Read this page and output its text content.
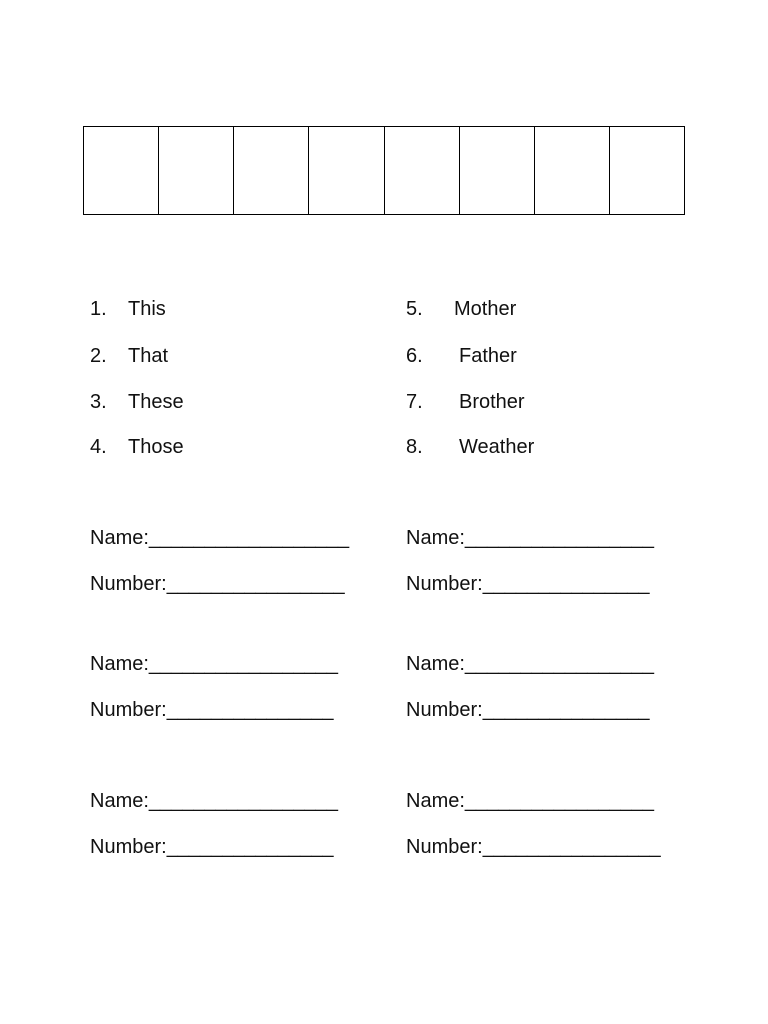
1. This
2. That
3. These
4. Those
5. Mother
6. Father
7. Brother
8. Weather
Name:__________________
Number:________________
Name:_________________
Number:_______________
Name:_________________
Number:_______________
Name:_________________
Number:_______________
Name:_________________
Number:_______________
Name:_________________
Number:________________
